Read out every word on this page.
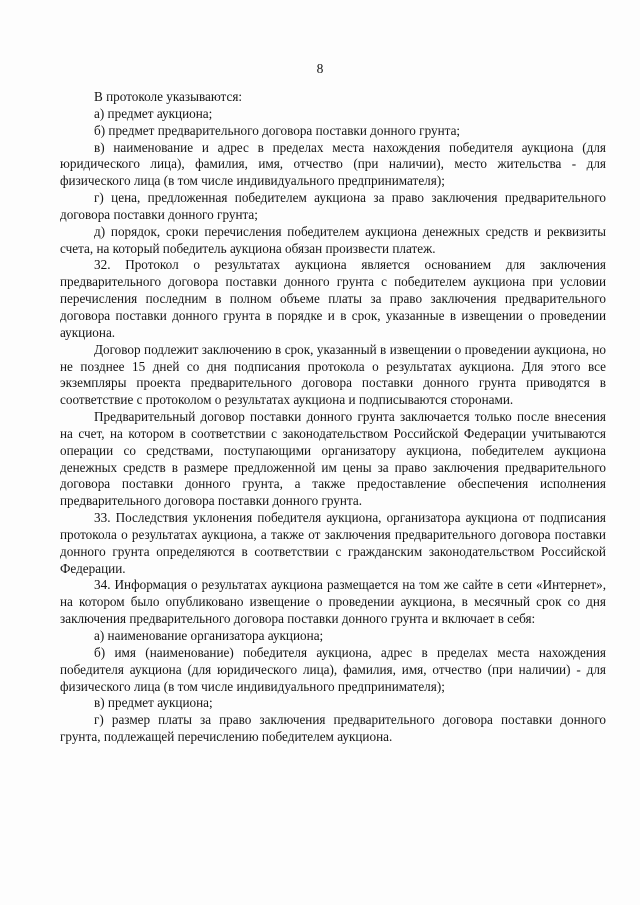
8

В протоколе указываются:

а) предмет аукциона;

б) предмет предварительного договора поставки донного грунта;

в) наименование и адрес в пределах места нахождения победителя аукциона (для юридического лица), фамилия, имя, отчество (при наличии), место жительства - для физического лица (в том числе индивидуального предпринимателя);

г) цена, предложенная победителем аукциона за право заключения предварительного договора поставки донного грунта;

д) порядок, сроки перечисления победителем аукциона денежных средств и реквизиты счета, на который победитель аукциона обязан произвести платеж.

32. Протокол о результатах аукциона является основанием для заключения предварительного договора поставки донного грунта с победителем аукциона при условии перечисления последним в полном объеме платы за право заключения предварительного договора поставки донного грунта в порядке и в срок, указанные в извещении о проведении аукциона.

Договор подлежит заключению в срок, указанный в извещении о проведении аукциона, но не позднее 15 дней со дня подписания протокола о результатах аукциона. Для этого все экземпляры проекта предварительного договора поставки донного грунта приводятся в соответствие с протоколом о результатах аукциона и подписываются сторонами.

Предварительный договор поставки донного грунта заключается только после внесения на счет, на котором в соответствии с законодательством Российской Федерации учитываются операции со средствами, поступающими организатору аукциона, победителем аукциона денежных средств в размере предложенной им цены за право заключения предварительного договора поставки донного грунта, а также предоставление обеспечения исполнения предварительного договора поставки донного грунта.

33. Последствия уклонения победителя аукциона, организатора аукциона от подписания протокола о результатах аукциона, а также от заключения предварительного договора поставки донного грунта определяются в соответствии с гражданским законодательством Российской Федерации.

34. Информация о результатах аукциона размещается на том же сайте в сети «Интернет», на котором было опубликовано извещение о проведении аукциона, в месячный срок со дня заключения предварительного договора поставки донного грунта и включает в себя:

а) наименование организатора аукциона;

б) имя (наименование) победителя аукциона, адрес в пределах места нахождения победителя аукциона (для юридического лица), фамилия, имя, отчество (при наличии) - для физического лица (в том числе индивидуального предпринимателя);

в) предмет аукциона;

г) размер платы за право заключения предварительного договора поставки донного грунта, подлежащей перечислению победителем аукциона.
